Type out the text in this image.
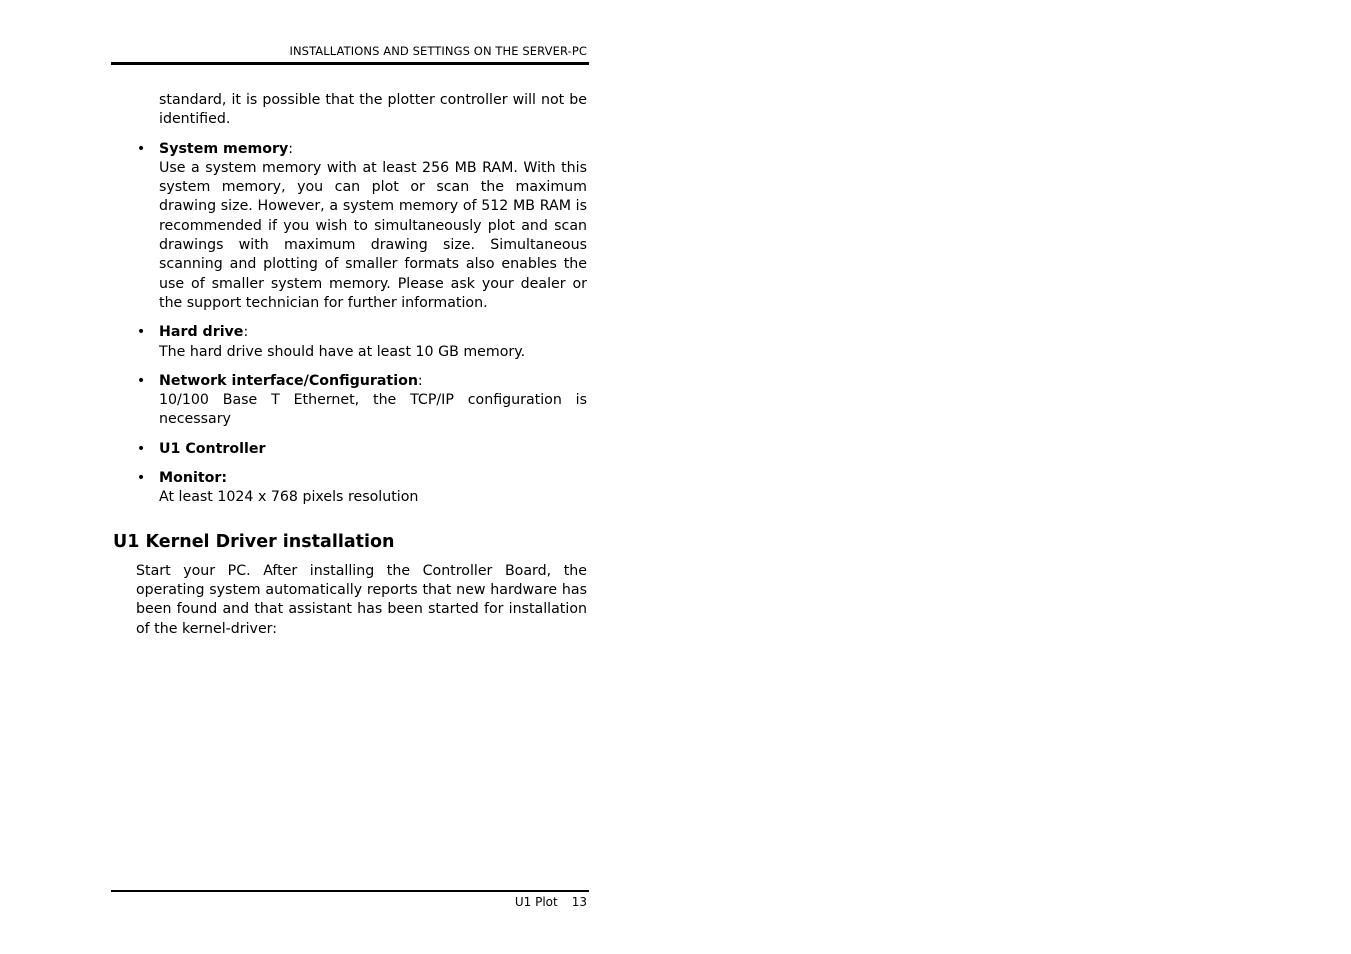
INSTALLATIONS AND SETTINGS ON THE SERVER-PC

standard, it is possible that the plotter controller will not be identified.

• System memory:
Use a system memory with at least 256 MB RAM. With this system memory, you can plot or scan the maximum drawing size. However, a system memory of 512 MB RAM is recommended if you wish to simultaneously plot and scan drawings with maximum drawing size. Simultaneous scanning and plotting of smaller formats also enables the use of smaller system memory. Please ask your dealer or the support technician for further information.
• Hard drive:
The hard drive should have at least 10 GB memory.
• Network interface/Configuration:
10/100 Base T Ethernet, the TCP/IP configuration is necessary
• U1 Controller
• Monitor:
At least 1024 x 768 pixels resolution
U1 Kernel Driver installation

Start your PC. After installing the Controller Board, the operating system automatically reports that new hardware has been found and that assistant has been started for installation of the kernel-driver:

U1 Plot 13
